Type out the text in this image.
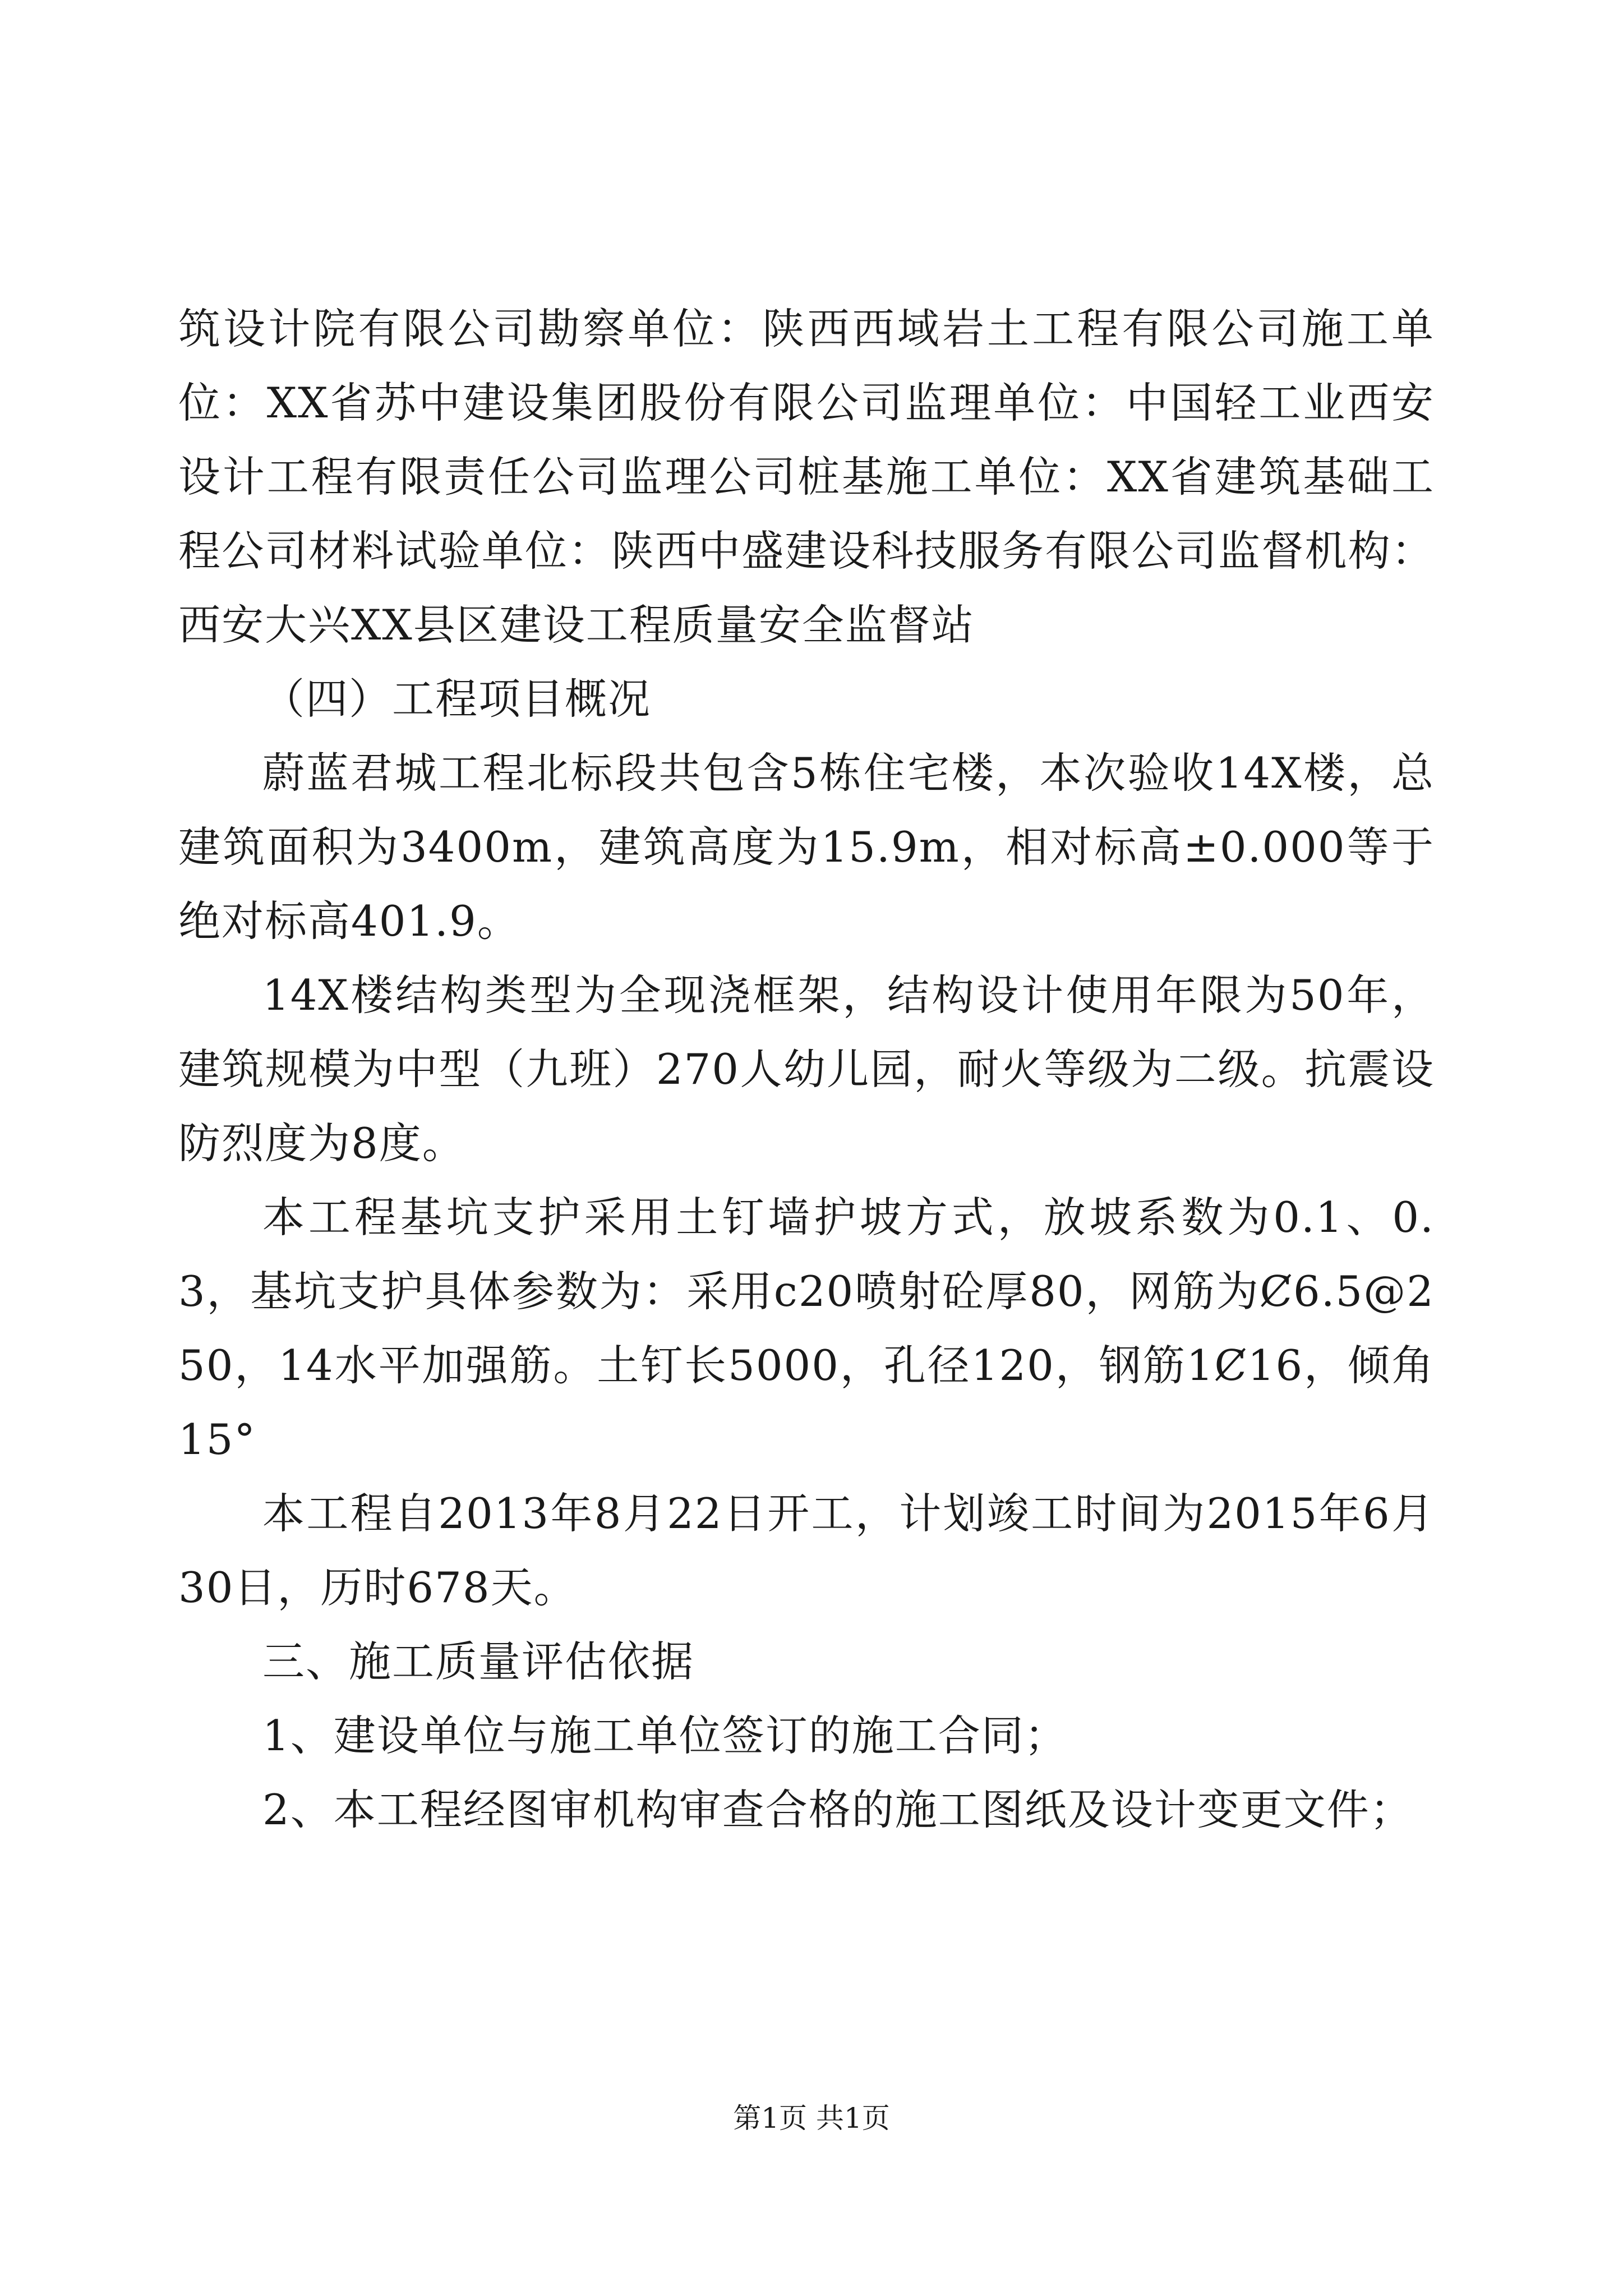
筑设计院有限公司勘察单位：陕西西域岩土工程有限公司施工单位：XX省苏中建设集团股份有限公司监理单位：中国轻工业西安设计工程有限责任公司监理公司桩基施工单位：XX省建筑基础工程公司材料试验单位：陕西中盛建设科技服务有限公司监督机构：西安大兴XX县区建设工程质量安全监督站

（四）工程项目概况

蔚蓝君城工程北标段共包含5栋住宅楼，本次验收14X楼，总建筑面积为3400m，建筑高度为15.9m，相对标高±0.000等于绝对标高401.9。

14X楼结构类型为全现浇框架，结构设计使用年限为50年，建筑规模为中型（九班）270人幼儿园，耐火等级为二级。抗震设防烈度为8度。

本工程基坑支护采用土钉墙护坡方式，放坡系数为0.1、0.3，基坑支护具体参数为：采用c20喷射砼厚80，网筋为Ȼ6.5@250，14水平加强筋。土钉长5000，孔径120，钢筋1Ȼ16，倾角15°

本工程自2013年8月22日开工，计划竣工时间为2015年6月30日，历时678天。

三、施工质量评估依据

1、建设单位与施工单位签订的施工合同；

2、本工程经图审机构审查合格的施工图纸及设计变更文件；

第1页 共1页
